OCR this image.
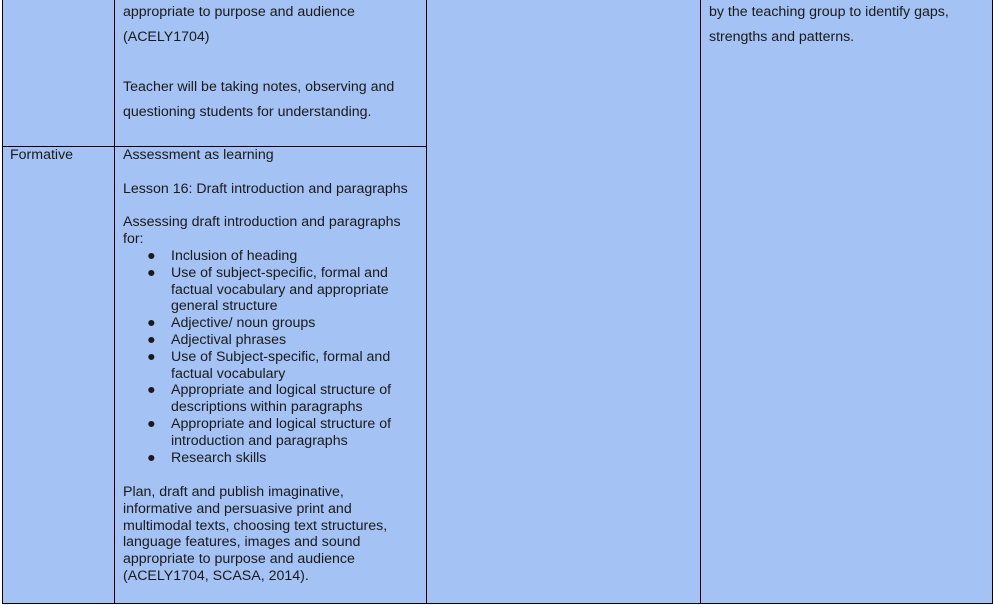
appropriate to purpose and audience
(ACELY1704)
Teacher will be taking notes, observing and
questioning students for understanding.
by the teaching group to identify gaps,
strengths and patterns.
Formative	Assessment as learning
Lesson 16: Draft introduction and paragraphs
Assessing draft introduction and paragraphs
for:
● Inclusion of heading
● Use of subject-specific, formal and
factual vocabulary and appropriate
general structure
● Adjective/ noun groups
● Adjectival phrases
● Use of Subject-specific, formal and
factual vocabulary
● Appropriate and logical structure of
descriptions within paragraphs
● Appropriate and logical structure of
introduction and paragraphs
● Research skills
Plan, draft and publish imaginative,
informative and persuasive print and
multimodal texts, choosing text structures,
language features, images and sound
appropriate to purpose and audience
(ACELY1704, SCASA, 2014).
